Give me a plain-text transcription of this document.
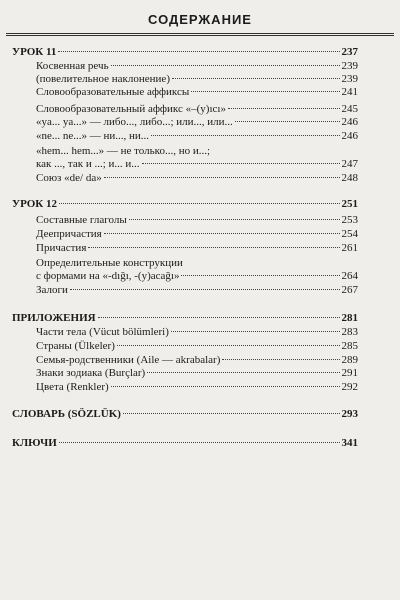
СОДЕРЖАНИЕ
УРОК 11	237
Косвенная речь	239
(повелительное наклонение)	239
Словообразовательные аффиксы	241
Словообразовательный аффикс «–(y)ıcı»	245
«ya... ya...» — либо..., либо...; или..., или...	246
«ne... ne...» — ни..., ни...	246
«hem... hem...» — не только..., но и...;
как ..., так и ...; и... и...	247
Союз «de/ da»	248
УРОК 12	251
Составные глаголы	253
Деепричастия	254
Причастия	261
Определительные конструкции
с формами на «-dığı, -(y)acağı»	264
Залоги	267
ПРИЛОЖЕНИЯ	281
Части тела (Vücut bölümleri)	283
Страны (Ülkeler)	285
Семья-родственники (Aile — akrabalar)	289
Знаки зодиака (Burçlar)	291
Цвета (Renkler)	292
СЛОВАРЬ (SÖZLÜK)	293
КЛЮЧИ	341
